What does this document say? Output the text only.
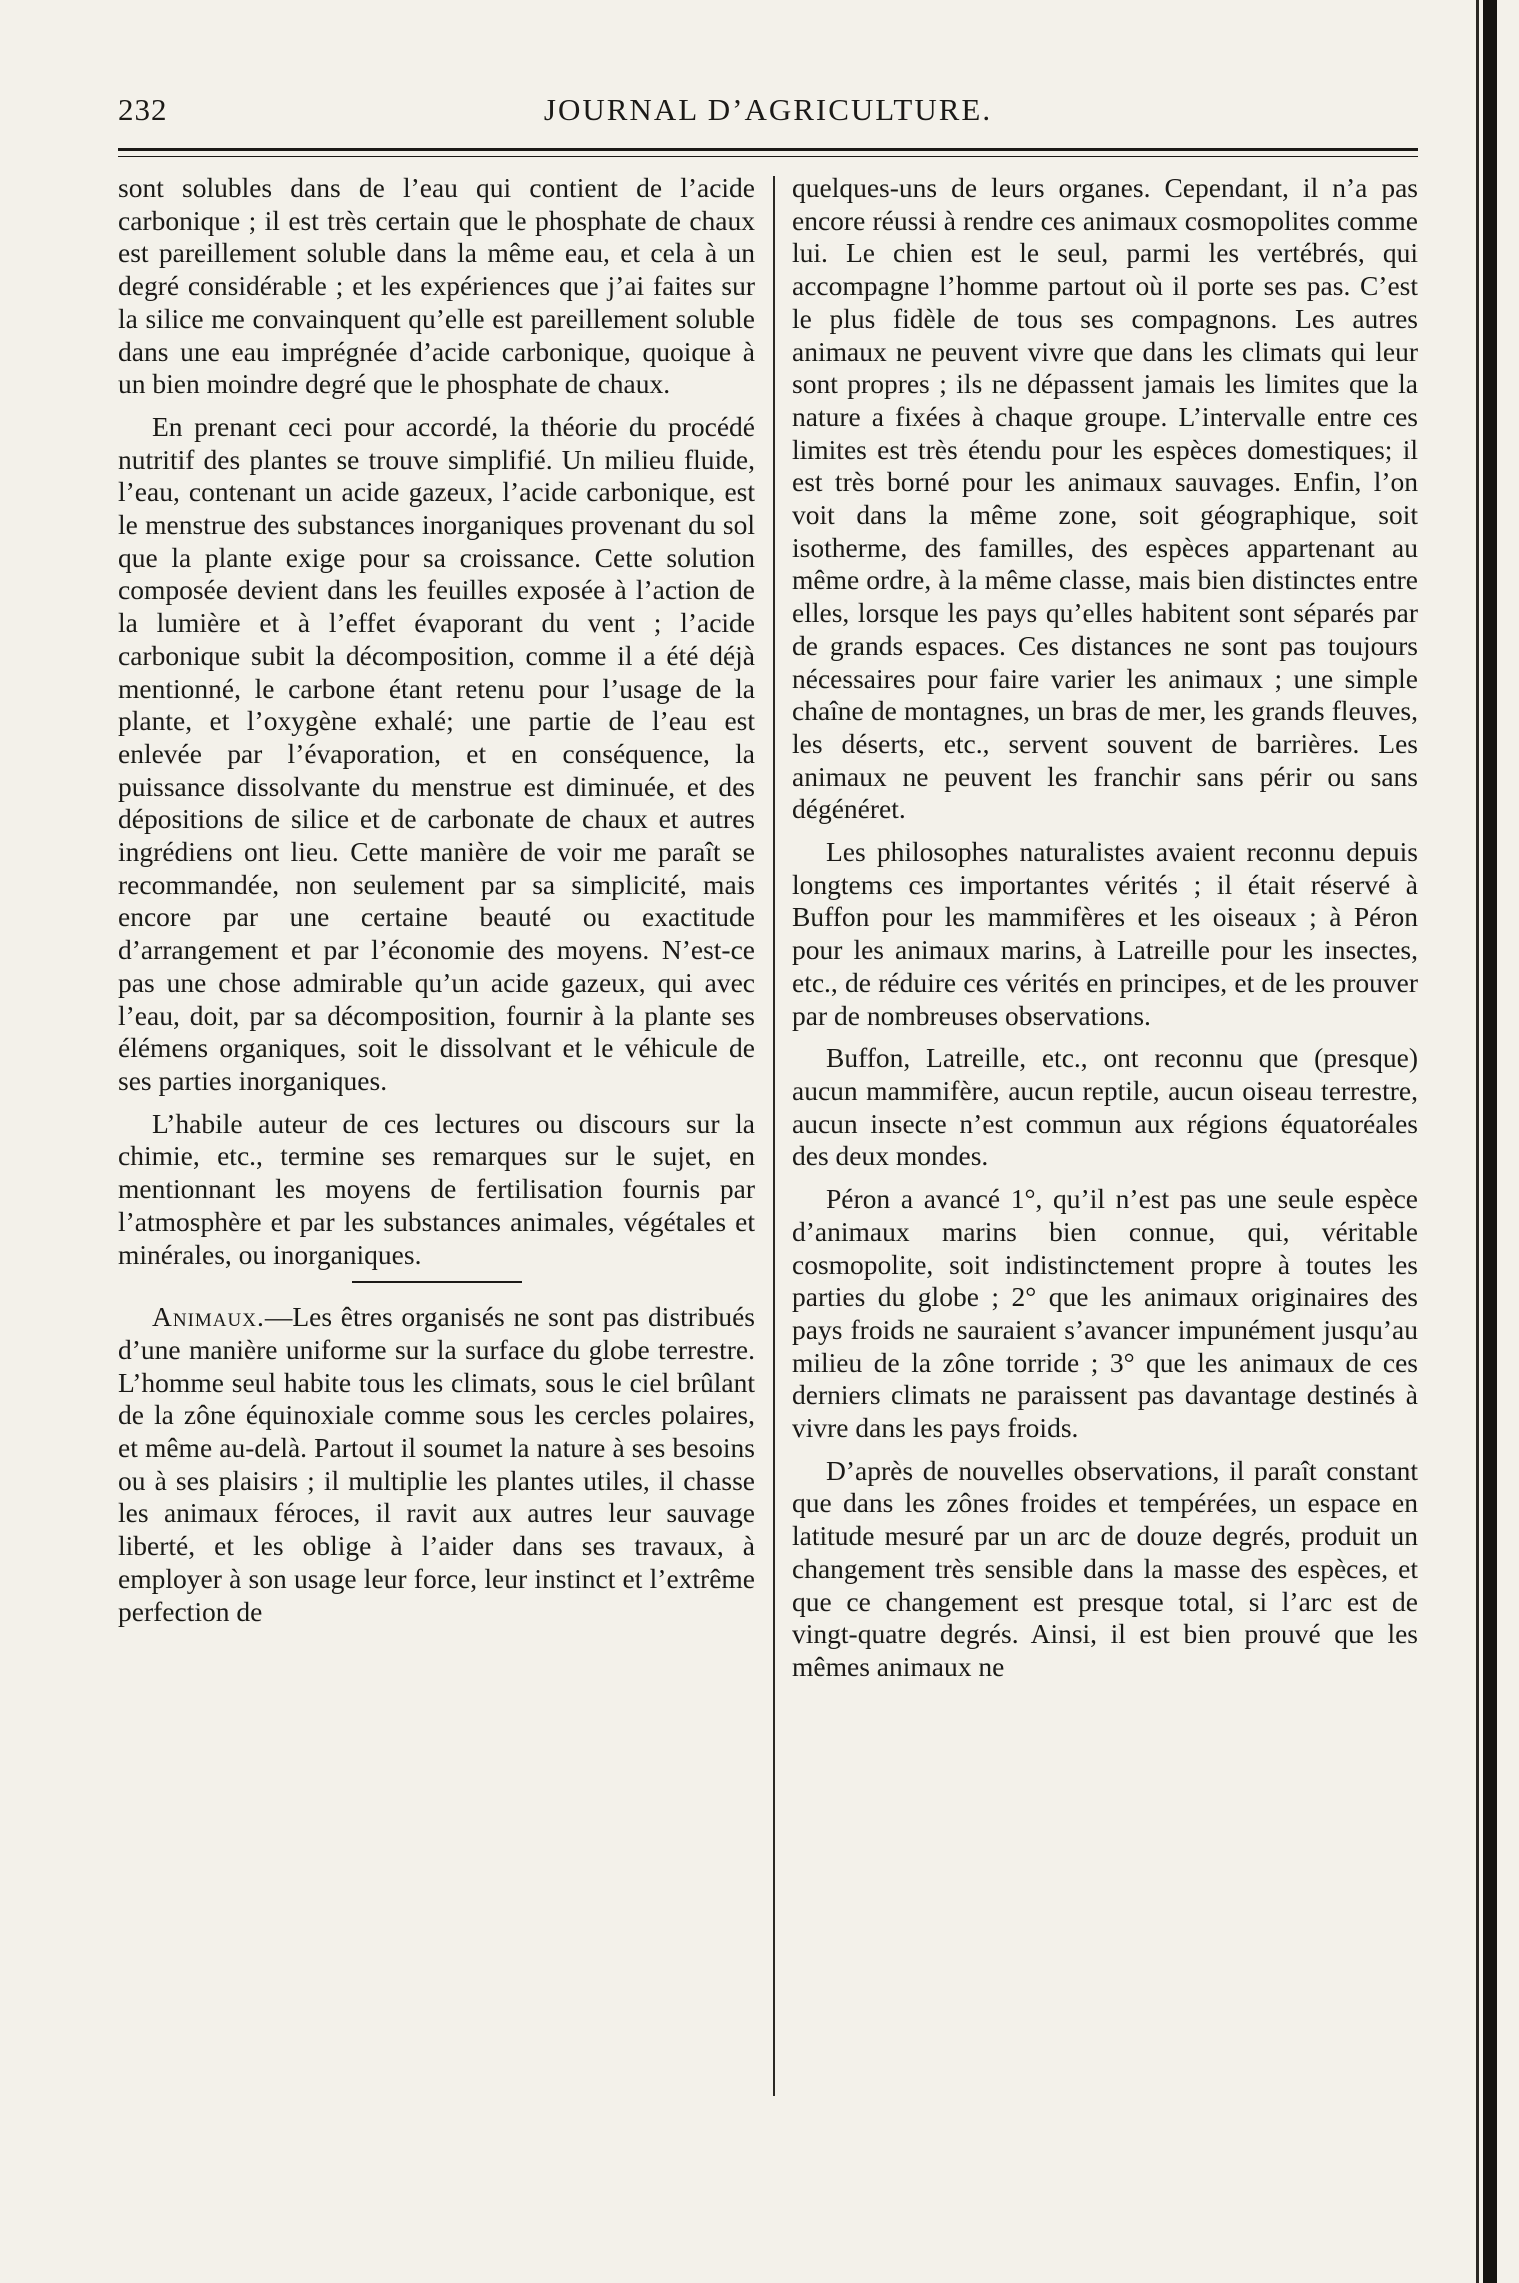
232	JOURNAL D’AGRICULTURE.

sont solubles dans de l’eau qui contient de l’acide carbonique ; il est très certain que le phosphate de chaux est pareillement soluble dans la même eau, et cela à un degré considérable ; et les expériences que j’ai faites sur la silice me convainquent qu’elle est pareillement soluble dans une eau imprégnée d’acide carbonique, quoique à un bien moindre degré que le phosphate de chaux.

En prenant ceci pour accordé, la théorie du procédé nutritif des plantes se trouve simplifié. Un milieu fluide, l’eau, contenant un acide gazeux, l’acide carbonique, est le menstrue des substances inorganiques provenant du sol que la plante exige pour sa croissance. Cette solution composée devient dans les feuilles exposée à l’action de la lumière et à l’effet évaporant du vent ; l’acide carbonique subit la décomposition, comme il a été déjà mentionné, le carbone étant retenu pour l’usage de la plante, et l’oxygène exhalé; une partie de l’eau est enlevée par l’évaporation, et en conséquence, la puissance dissolvante du menstrue est diminuée, et des dépositions de silice et de carbonate de chaux et autres ingrédiens ont lieu. Cette manière de voir me paraît se recommandée, non seulement par sa simplicité, mais encore par une certaine beauté ou exactitude d’arrangement et par l’économie des moyens. N’est-ce pas une chose admirable qu’un acide gazeux, qui avec l’eau, doit, par sa décomposition, fournir à la plante ses élémens organiques, soit le dissolvant et le véhicule de ses parties inorganiques.

L’habile auteur de ces lectures ou discours sur la chimie, etc., termine ses remarques sur le sujet, en mentionnant les moyens de fertilisation fournis par l’atmosphère et par les substances animales, végétales et minérales, ou inorganiques.

Animaux.—Les êtres organisés ne sont pas distribués d’une manière uniforme sur la surface du globe terrestre. L’homme seul habite tous les climats, sous le ciel brûlant de la zône équinoxiale comme sous les cercles polaires, et même au-delà. Partout il soumet la nature à ses besoins ou à ses plaisirs ; il multiplie les plantes utiles, il chasse les animaux féroces, il ravit aux autres leur sauvage liberté, et les oblige à l’aider dans ses travaux, à employer à son usage leur force, leur instinct et l’extrême perfection de

quelques-uns de leurs organes. Cependant, il n’a pas encore réussi à rendre ces animaux cosmopolites comme lui. Le chien est le seul, parmi les vertébrés, qui accompagne l’homme partout où il porte ses pas. C’est le plus fidèle de tous ses compagnons. Les autres animaux ne peuvent vivre que dans les climats qui leur sont propres ; ils ne dépassent jamais les limites que la nature a fixées à chaque groupe. L’intervalle entre ces limites est très étendu pour les espèces domestiques; il est très borné pour les animaux sauvages. Enfin, l’on voit dans la même zone, soit géographique, soit isotherme, des familles, des espèces appartenant au même ordre, à la même classe, mais bien distinctes entre elles, lorsque les pays qu’elles habitent sont séparés par de grands espaces. Ces distances ne sont pas toujours nécessaires pour faire varier les animaux ; une simple chaîne de montagnes, un bras de mer, les grands fleuves, les déserts, etc., servent souvent de barrières. Les animaux ne peuvent les franchir sans périr ou sans dégénéret.

Les philosophes naturalistes avaient reconnu depuis longtems ces importantes vérités ; il était réservé à Buffon pour les mammifères et les oiseaux ; à Péron pour les animaux marins, à Latreille pour les insectes, etc., de réduire ces vérités en principes, et de les prouver par de nombreuses observations.

Buffon, Latreille, etc., ont reconnu que (presque) aucun mammifère, aucun reptile, aucun oiseau terrestre, aucun insecte n’est commun aux régions équatoréales des deux mondes.

Péron a avancé 1°, qu’il n’est pas une seule espèce d’animaux marins bien connue, qui, véritable cosmopolite, soit indistinctement propre à toutes les parties du globe ; 2° que les animaux originaires des pays froids ne sauraient s’avancer impunément jusqu’au milieu de la zône torride ; 3° que les animaux de ces derniers climats ne paraissent pas davantage destinés à vivre dans les pays froids.

D’après de nouvelles observations, il paraît constant que dans les zônes froides et tempérées, un espace en latitude mesuré par un arc de douze degrés, produit un changement très sensible dans la masse des espèces, et que ce changement est presque total, si l’arc est de vingt-quatre degrés. Ainsi, il est bien prouvé que les mêmes animaux ne
